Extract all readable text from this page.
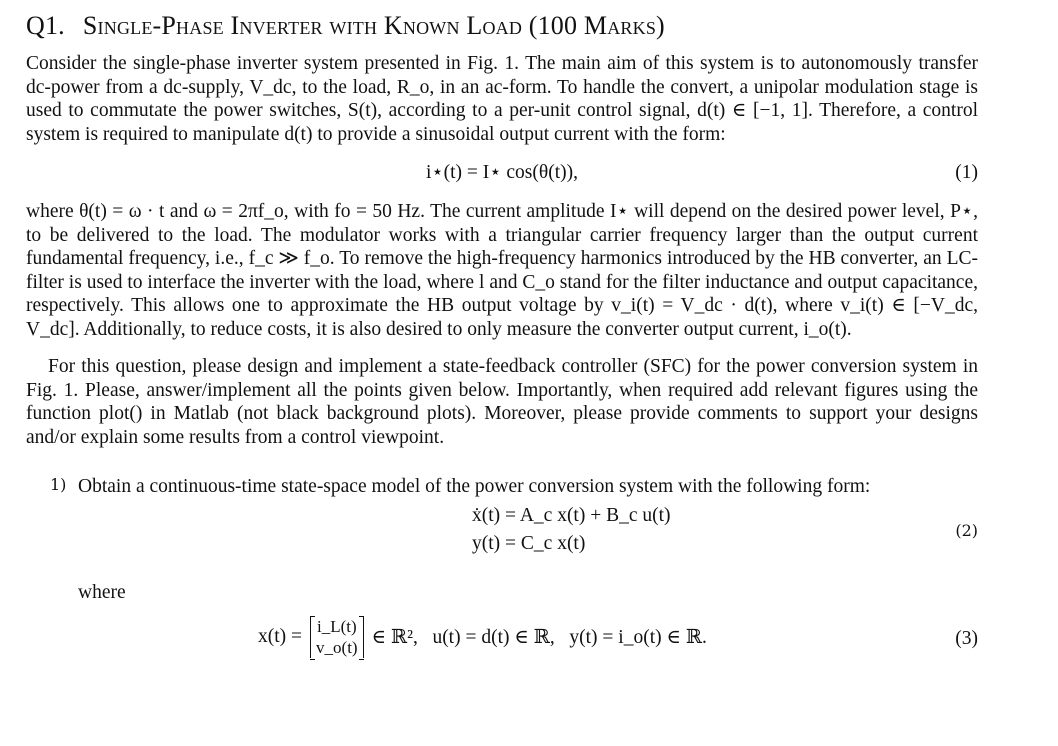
Q1. Single-Phase Inverter with Known Load (100 Marks)

Consider the single-phase inverter system presented in Fig. 1. The main aim of this system is to autonomously transfer dc-power from a dc-supply, V_dc, to the load, R_o, in an ac-form. To handle the convert, a unipolar modulation stage is used to commutate the power switches, S(t), according to a per-unit control signal, d(t) ∈ [−1, 1]. Therefore, a control system is required to manipulate d(t) to provide a sinusoidal output current with the form:

i⋆(t) = I⋆ cos(θ(t)),	(1)

where θ(t) = ω · t and ω = 2πf_o, with fo = 50 Hz. The current amplitude I⋆ will depend on the desired power level, P⋆, to be delivered to the load. The modulator works with a triangular carrier frequency larger than the output current fundamental frequency, i.e., f_c ≫ f_o. To remove the high-frequency harmonics introduced by the HB converter, an LC-filter is used to interface the inverter with the load, where l and C_o stand for the filter inductance and output capacitance, respectively. This allows one to approximate the HB output voltage by v_i(t) = V_dc · d(t), where v_i(t) ∈ [−V_dc, V_dc]. Additionally, to reduce costs, it is also desired to only measure the converter output current, i_o(t).

For this question, please design and implement a state-feedback controller (SFC) for the power conversion system in Fig. 1. Please, answer/implement all the points given below. Importantly, when required add relevant figures using the function plot() in Matlab (not black background plots). Moreover, please provide comments to support your designs and/or explain some results from a control viewpoint.

1) Obtain a continuous-time state-space model of the power conversion system with the following form:

ẋ(t) = A_c x(t) + B_c u(t)
y(t) = C_c x(t)
(2)

where

x(t) = i_L(t)
v_o(t) ∈ ℝ²,   u(t) = d(t) ∈ ℝ,   y(t) = i_o(t) ∈ ℝ.	(3)
